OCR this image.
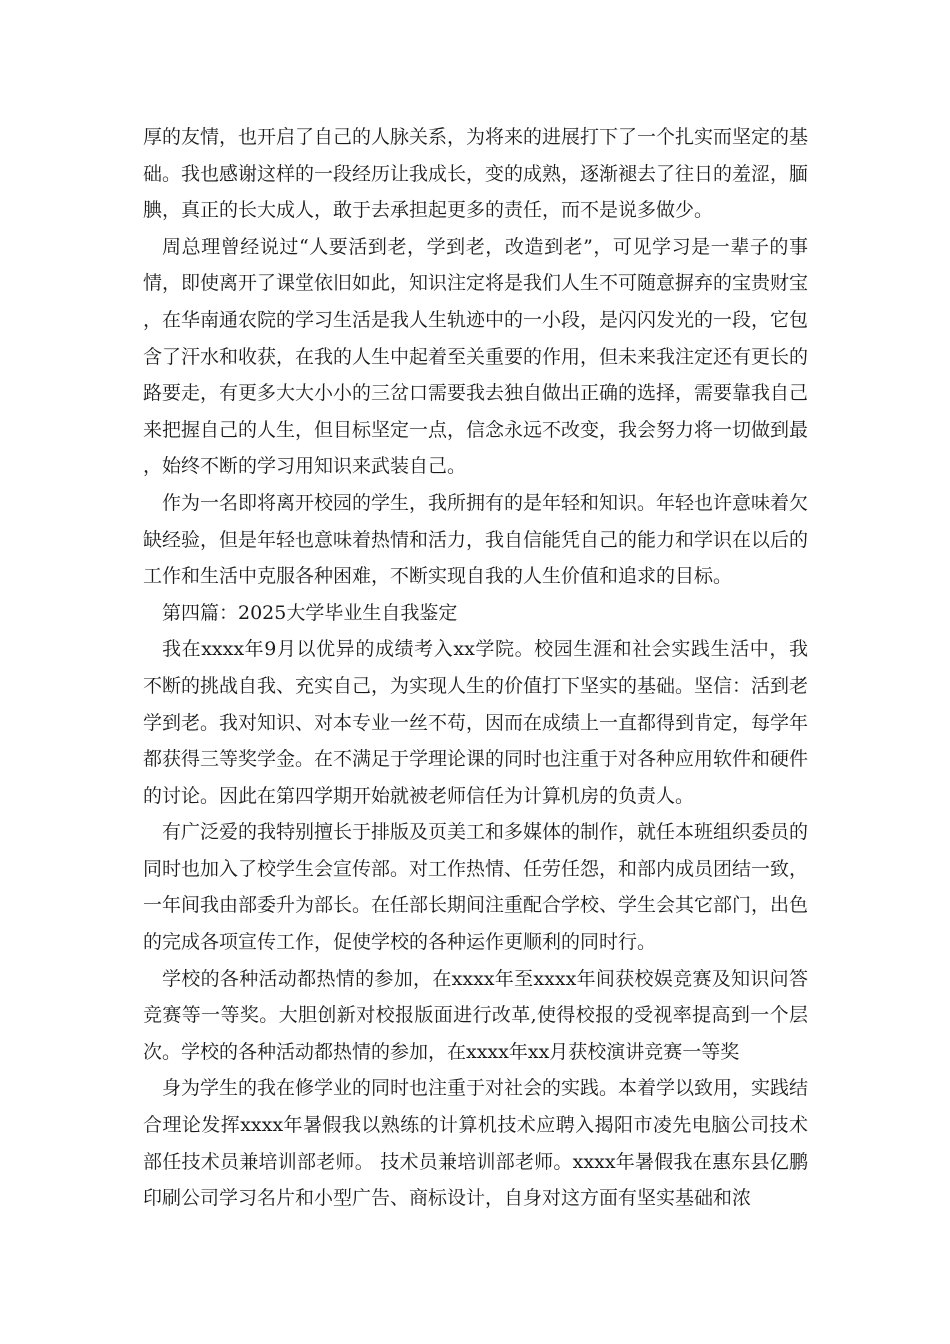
厚的友情，也开启了自己的人脉关系，为将来的进展打下了一个扎实而坚定的基础。我也感谢这样的一段经历让我成长，变的成熟，逐渐褪去了往日的羞涩，腼腆，真正的长大成人，敢于去承担起更多的责任，而不是说多做少。

周总理曾经说过“人要活到老，学到老，改造到老”，可见学习是一辈子的事情，即使离开了课堂依旧如此，知识注定将是我们人生不可随意摒弃的宝贵财宝，在华南通农院的学习生活是我人生轨迹中的一小段，是闪闪发光的一段，它包含了汗水和收获，在我的人生中起着至关重要的作用，但未来我注定还有更长的路要走，有更多大大小小的三岔口需要我去独自做出正确的选择，需要靠我自己来把握自己的人生，但目标坚定一点，信念永远不改变，我会努力将一切做到最，始终不断的学习用知识来武装自己。

作为一名即将离开校园的学生，我所拥有的是年轻和知识。年轻也许意味着欠缺经验，但是年轻也意味着热情和活力，我自信能凭自己的能力和学识在以后的工作和生活中克服各种困难，不断实现自我的人生价值和追求的目标。

第四篇：2025大学毕业生自我鉴定

我在xxxx年9月以优异的成绩考入xx学院。校园生涯和社会实践生活中，我不断的挑战自我、充实自己，为实现人生的价值打下坚实的基础。坚信：活到老学到老。我对知识、对本专业一丝不苟，因而在成绩上一直都得到肯定，每学年都获得三等奖学金。在不满足于学理论课的同时也注重于对各种应用软件和硬件的讨论。因此在第四学期开始就被老师信任为计算机房的负责人。

有广泛爱的我特别擅长于排版及页美工和多媒体的制作，就任本班组织委员的同时也加入了校学生会宣传部。对工作热情、任劳任怨，和部内成员团结一致，一年间我由部委升为部长。在任部长期间注重配合学校、学生会其它部门，出色的完成各项宣传工作，促使学校的各种运作更顺利的同时行。

学校的各种活动都热情的参加，在xxxx年至xxxx年间获校娱竞赛及知识问答竞赛等一等奖。大胆创新对校报版面进行改革,使得校报的受视率提高到一个层次。学校的各种活动都热情的参加，在xxxx年xx月获校演讲竞赛一等奖

身为学生的我在修学业的同时也注重于对社会的实践。本着学以致用，实践结合理论发挥xxxx年暑假我以熟练的计算机技术应聘入揭阳市凌先电脑公司技术部任技术员兼培训部老师。 技术员兼培训部老师。xxxx年暑假我在惠东县亿鹏印刷公司学习名片和小型广告、商标设计，自身对这方面有坚实基础和浓
